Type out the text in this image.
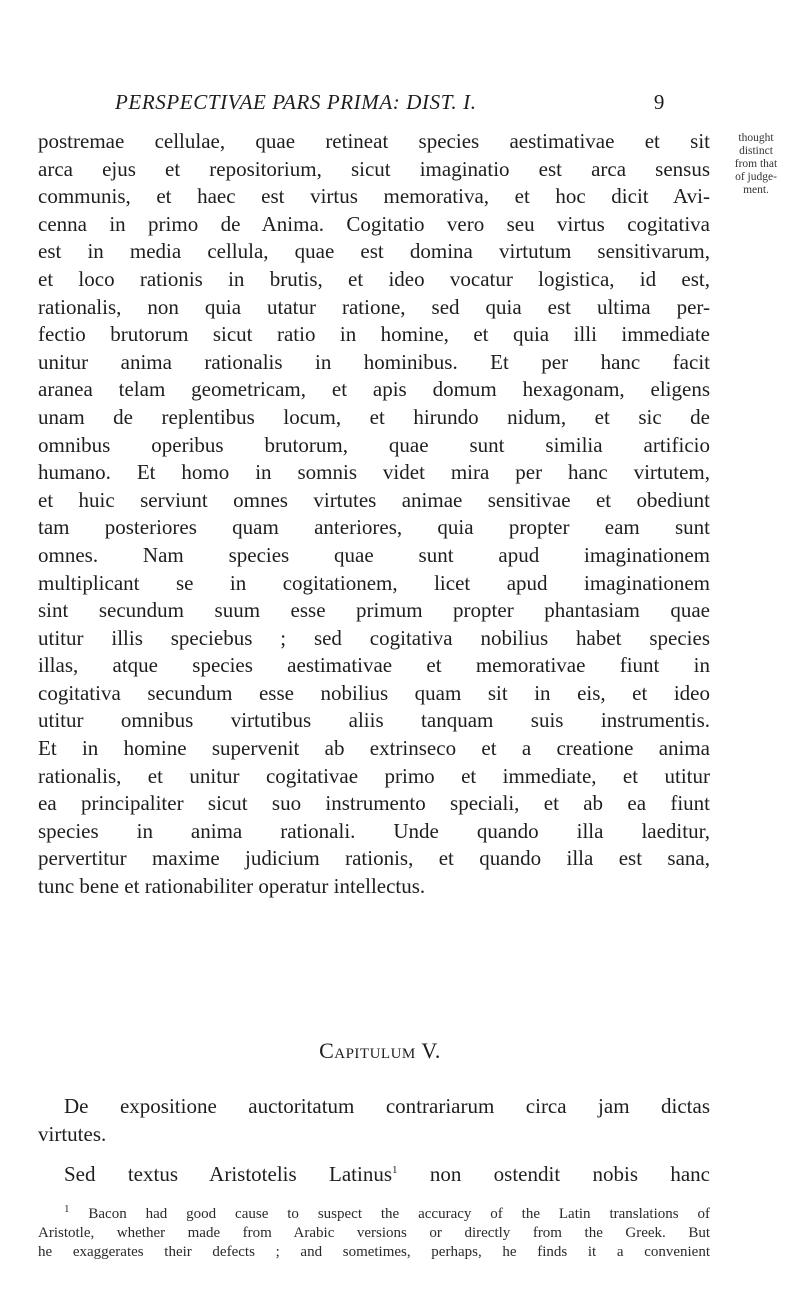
PERSPECTIVAE PARS PRIMA: DIST. I.	9
thought
distinct
from that
of judge-
ment.
postremae cellulae, quae retineat species aestimativae et sit
arca ejus et repositorium, sicut imaginatio est arca sensus
communis, et haec est virtus memorativa, et hoc dicit Avi-
cenna in primo de Anima. Cogitatio vero seu virtus cogitativa
est in media cellula, quae est domina virtutum sensitivarum,
et loco rationis in brutis, et ideo vocatur logistica, id est,
rationalis, non quia utatur ratione, sed quia est ultima per-
fectio brutorum sicut ratio in homine, et quia illi immediate
unitur anima rationalis in hominibus. Et per hanc facit
aranea telam geometricam, et apis domum hexagonam, eligens
unam de replentibus locum, et hirundo nidum, et sic de
omnibus operibus brutorum, quae sunt similia artificio
humano. Et homo in somnis videt mira per hanc virtutem,
et huic serviunt omnes virtutes animae sensitivae et obediunt
tam posteriores quam anteriores, quia propter eam sunt
omnes. Nam species quae sunt apud imaginationem
multiplicant se in cogitationem, licet apud imaginationem
sint secundum suum esse primum propter phantasiam quae
utitur illis speciebus ; sed cogitativa nobilius habet species
illas, atque species aestimativae et memorativae fiunt in
cogitativa secundum esse nobilius quam sit in eis, et ideo
utitur omnibus virtutibus aliis tanquam suis instrumentis.
Et in homine supervenit ab extrinseco et a creatione anima
rationalis, et unitur cogitativae primo et immediate, et utitur
ea principaliter sicut suo instrumento speciali, et ab ea fiunt
species in anima rationali. Unde quando illa laeditur,
pervertitur maxime judicium rationis, et quando illa est sana,
tunc bene et rationabiliter operatur intellectus.
Capitulum V.
De expositione auctoritatum contrariarum circa jam dictas
virtutes.
Sed textus Aristotelis Latinus$^1$ non ostendit nobis hanc
$^1$ Bacon had good cause to suspect the accuracy of the Latin translations of
Aristotle, whether made from Arabic versions or directly from the Greek. But
he exaggerates their defects ; and sometimes, perhaps, he finds it a convenient
